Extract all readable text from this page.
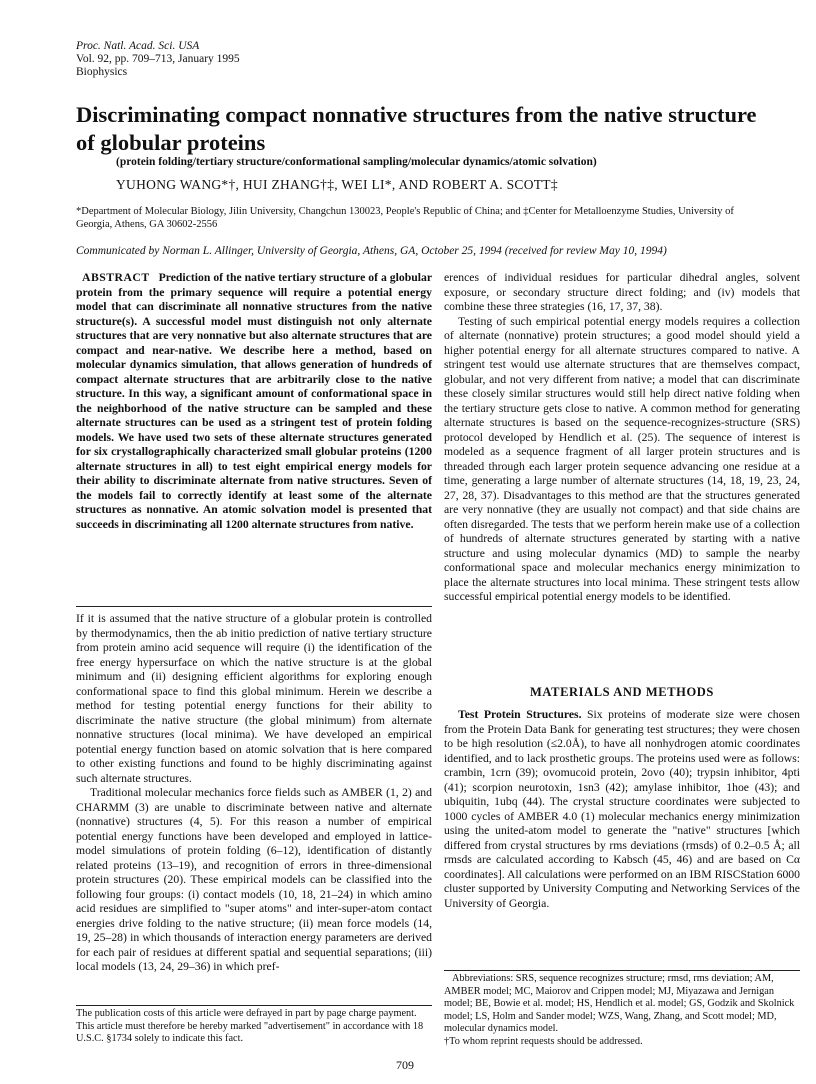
Proc. Natl. Acad. Sci. USA
Vol. 92, pp. 709–713, January 1995
Biophysics
Discriminating compact nonnative structures from the native structure of globular proteins
(protein folding/tertiary structure/conformational sampling/molecular dynamics/atomic solvation)
YUHONG WANG*†, HUI ZHANG†‡, WEI LI*, AND ROBERT A. SCOTT‡
*Department of Molecular Biology, Jilin University, Changchun 130023, People's Republic of China; and ‡Center for Metalloenzyme Studies, University of Georgia, Athens, GA 30602-2556
Communicated by Norman L. Allinger, University of Georgia, Athens, GA, October 25, 1994 (received for review May 10, 1994)

ABSTRACT Prediction of the native tertiary structure of a globular protein from the primary sequence will require a potential energy model that can discriminate all nonnative structures from the native structure(s). A successful model must distinguish not only alternate structures that are very nonnative but also alternate structures that are compact and near-native. We describe here a method, based on molecular dynamics simulation, that allows generation of hundreds of compact alternate structures that are arbitrarily close to the native structure. In this way, a significant amount of conformational space in the neighborhood of the native structure can be sampled and these alternate structures can be used as a stringent test of protein folding models. We have used two sets of these alternate structures generated for six crystallographically characterized small globular proteins (1200 alternate structures in all) to test eight empirical energy models for their ability to discriminate alternate from native structures. Seven of the models fail to correctly identify at least some of the alternate structures as nonnative. An atomic solvation model is presented that succeeds in discriminating all 1200 alternate structures from native.

If it is assumed that the native structure of a globular protein is controlled by thermodynamics, then the ab initio prediction of native tertiary structure from protein amino acid sequence will require (i) the identification of the free energy hypersurface on which the native structure is at the global minimum and (ii) designing efficient algorithms for exploring enough conformational space to find this global minimum. Herein we describe a method for testing potential energy functions for their ability to discriminate the native structure (the global minimum) from alternate nonnative structures (local minima). We have developed an empirical potential energy function based on atomic solvation that is here compared to other existing functions and found to be highly discriminating against such alternate structures.

Traditional molecular mechanics force fields such as AMBER (1, 2) and CHARMM (3) are unable to discriminate between native and alternate (nonnative) structures (4, 5). For this reason a number of empirical potential energy functions have been developed and employed in lattice-model simulations of protein folding (6–12), identification of distantly related proteins (13–19), and recognition of errors in three-dimensional protein structures (20). These empirical models can be classified into the following four groups: (i) contact models (10, 18, 21–24) in which amino acid residues are simplified to "super atoms" and inter-super-atom contact energies drive folding to the native structure; (ii) mean force models (14, 19, 25–28) in which thousands of interaction energy parameters are derived for each pair of residues at different spatial and sequential separations; (iii) local models (13, 24, 29–36) in which pref-

The publication costs of this article were defrayed in part by page charge payment. This article must therefore be hereby marked "advertisement" in accordance with 18 U.S.C. §1734 solely to indicate this fact.

erences of individual residues for particular dihedral angles, solvent exposure, or secondary structure direct folding; and (iv) models that combine these three strategies (16, 17, 37, 38).

Testing of such empirical potential energy models requires a collection of alternate (nonnative) protein structures; a good model should yield a higher potential energy for all alternate structures compared to native. A stringent test would use alternate structures that are themselves compact, globular, and not very different from native; a model that can discriminate these closely similar structures would still help direct native folding when the tertiary structure gets close to native. A common method for generating alternate structures is based on the sequence-recognizes-structure (SRS) protocol developed by Hendlich et al. (25). The sequence of interest is modeled as a sequence fragment of all larger protein structures and is threaded through each larger protein sequence advancing one residue at a time, generating a large number of alternate structures (14, 18, 19, 23, 24, 27, 28, 37). Disadvantages to this method are that the structures generated are very nonnative (they are usually not compact) and that side chains are often disregarded. The tests that we perform herein make use of a collection of hundreds of alternate structures generated by starting with a native structure and using molecular dynamics (MD) to sample the nearby conformational space and molecular mechanics energy minimization to place the alternate structures into local minima. These stringent tests allow successful empirical potential energy models to be identified.

MATERIALS AND METHODS

Test Protein Structures. Six proteins of moderate size were chosen from the Protein Data Bank for generating test structures; they were chosen to be high resolution (≤2.0Å), to have all nonhydrogen atomic coordinates identified, and to lack prosthetic groups. The proteins used were as follows: crambin, 1crn (39); ovomucoid protein, 2ovo (40); trypsin inhibitor, 4pti (41); scorpion neurotoxin, 1sn3 (42); amylase inhibitor, 1hoe (43); and ubiquitin, 1ubq (44). The crystal structure coordinates were subjected to 1000 cycles of AMBER 4.0 (1) molecular mechanics energy minimization using the united-atom model to generate the "native" structures [which differed from crystal structures by rms deviations (rmsds) of 0.2–0.5 Å; all rmsds are calculated according to Kabsch (45, 46) and are based on Cα coordinates]. All calculations were performed on an IBM RISCStation 6000 cluster supported by University Computing and Networking Services of the University of Georgia.

Abbreviations: SRS, sequence recognizes structure; rmsd, rms deviation; AM, AMBER model; MC, Maiorov and Crippen model; MJ, Miyazawa and Jernigan model; BE, Bowie et al. model; HS, Hendlich et al. model; GS, Godzik and Skolnick model; LS, Holm and Sander model; WZS, Wang, Zhang, and Scott model; MD, molecular dynamics model.

†To whom reprint requests should be addressed.

709
